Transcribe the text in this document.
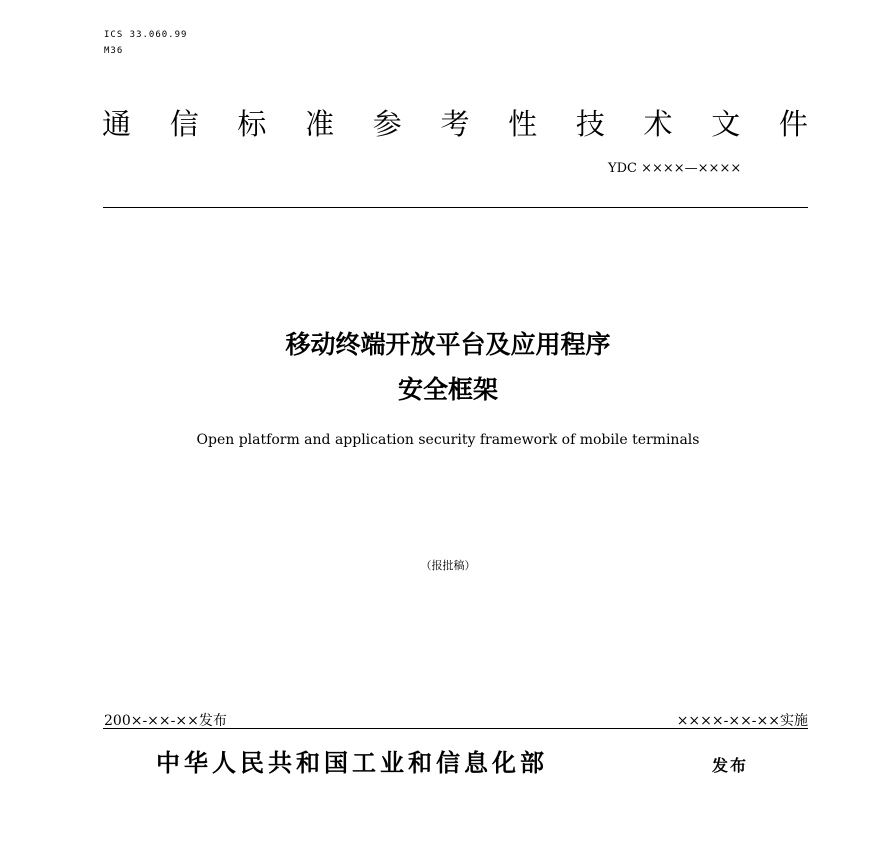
ICS 33.060.99
M36
通 信 标 准 参 考 性 技 术 文 件
YDC ××××—××××
移动终端开放平台及应用程序
安全框架
Open platform and application security framework of mobile terminals
（报批稿）
200×-××-××发布	××××-××-××实施
中华人民共和国工业和信息化部	发布
